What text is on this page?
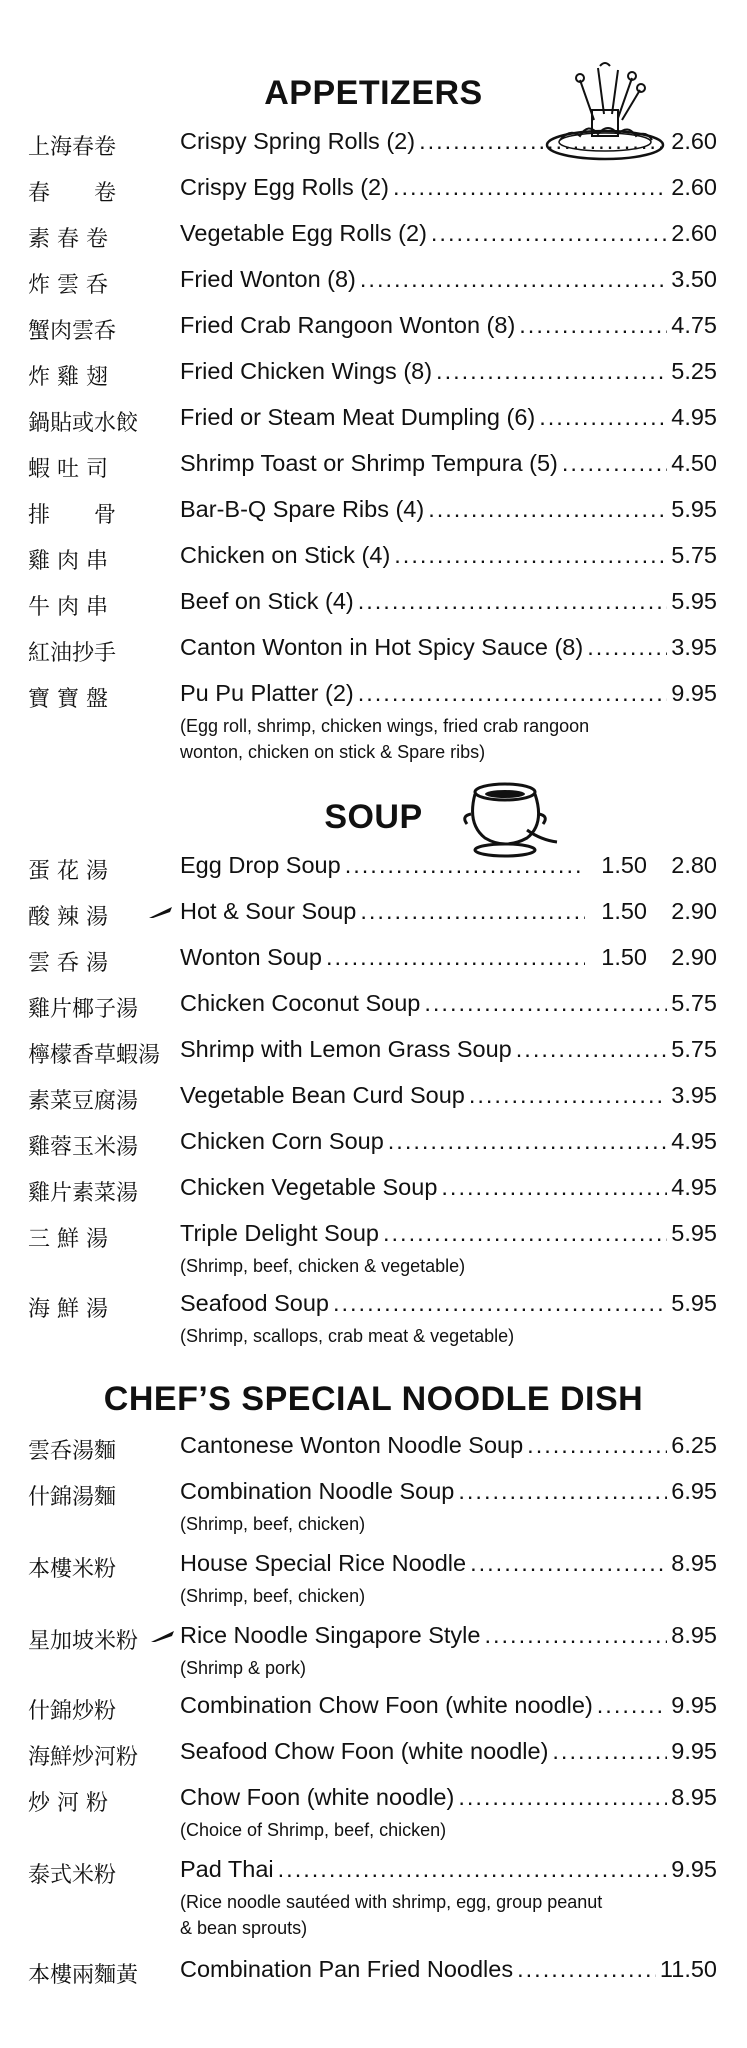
APPETIZERS
SOUP
CHEF’S SPECIAL NOODLE DISH
上海春卷	Crispy Spring Rolls (2) .....	2.60
春　　卷	Crispy Egg Rolls (2) .....	2.60
素 春 卷	Vegetable Egg Rolls (2) .....	2.60
炸 雲 呑	Fried Wonton (8) .....	3.50
蟹肉雲呑	Fried Crab Rangoon Wonton (8) .....	4.75
炸 雞 翅	Fried Chicken Wings (8) .....	5.25
鍋貼或水餃	Fried or Steam Meat Dumpling (6) .....	4.95
蝦 吐 司	Shrimp Toast or Shrimp Tempura (5) .....	4.50
排　　骨	Bar-B-Q Spare Ribs (4) .....	5.95
雞 肉 串	Chicken on Stick (4) .....	5.75
牛 肉 串	Beef on Stick (4) .....	5.95
紅油抄手	Canton Wonton in Hot Spicy Sauce (8) .....	3.95
寶 寶 盤	Pu Pu Platter (2) .....	9.95
(Egg roll, shrimp, chicken wings, fried crab rangoon
wonton, chicken on stick & Spare ribs)
蛋 花 湯	Egg Drop Soup .....	1.50	2.80
酸 辣 湯	Hot & Sour Soup .....	1.50	2.90
雲 呑 湯	Wonton Soup .....	1.50	2.90
雞片椰子湯	Chicken Coconut Soup .....	5.75
檸檬香草蝦湯 Shrimp with Lemon Grass Soup .....	5.75
素菜豆腐湯	Vegetable Bean Curd Soup .....	3.95
雞蓉玉米湯	Chicken Corn Soup .....	4.95
雞片素菜湯	Chicken Vegetable Soup .....	4.95
三 鮮 湯	Triple Delight Soup .....	5.95
(Shrimp, beef, chicken & vegetable)
海 鮮 湯	Seafood Soup .....	5.95
(Shrimp, scallops, crab meat & vegetable)
雲呑湯麵	Cantonese Wonton Noodle Soup .....	6.25
什錦湯麵	Combination Noodle Soup .....	6.95
(Shrimp, beef, chicken)
本樓米粉	House Special Rice Noodle .....	8.95
(Shrimp, beef, chicken)
星加坡米粉	Rice Noodle Singapore Style .....	8.95
(Shrimp & pork)
什錦炒粉	Combination Chow Foon (white noodle) .....	9.95
海鮮炒河粉	Seafood Chow Foon (white noodle) .....	9.95
炒 河 粉	Chow Foon (white noodle) .....	8.95
(Choice of Shrimp, beef, chicken)
泰式米粉	Pad Thai .....	9.95
(Rice noodle sautéed with shrimp, egg, group peanut
& bean sprouts)
本樓兩麵黃	Combination Pan Fried Noodles .....	11.50
